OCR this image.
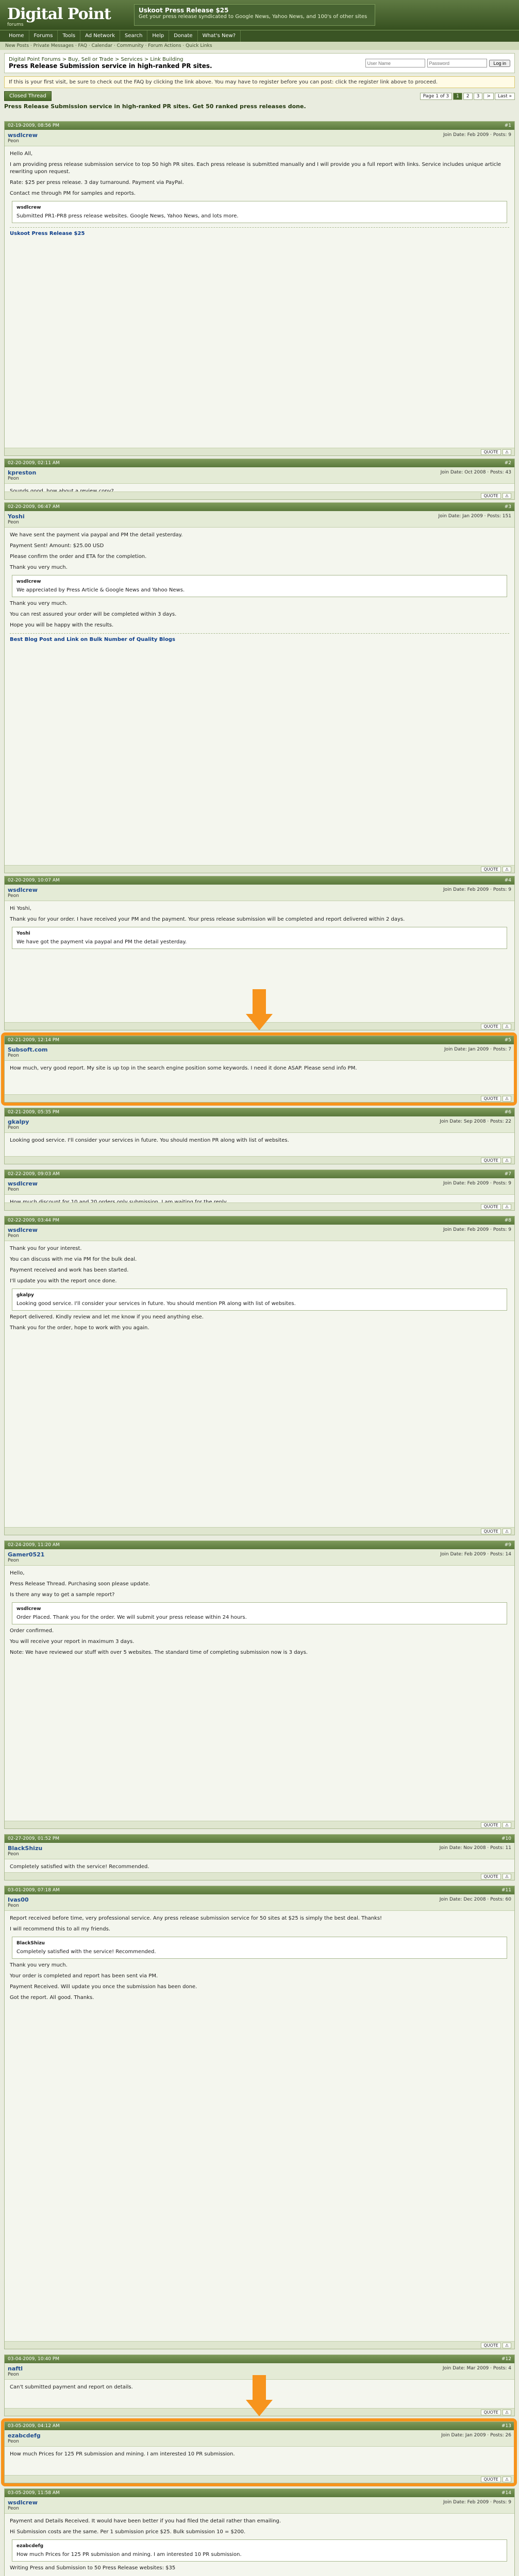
Digital Point
forums
Uskoot Press Release $25
Get your press release syndicated to Google News, Yahoo News, and 100's of other sites
Home	Forums	Tools	Ad Network	Search	Help	Donate	What's New?
New Posts · Private Messages · FAQ · Calendar · Community · Forum Actions · Quick Links
Digital Point Forums > Buy, Sell or Trade > Services > Link Building
Press Release Submission service in high-ranked PR sites.
User Name	Log in
If this is your first visit, be sure to check out the FAQ by clicking the link above. You may have to register before you can post: click the register link above to proceed.
Closed Thread	Page 1 of 3	1	2	3	>	Last »
Press Release Submission service in high-ranked PR sites. Get 50 ranked press releases done.
02-19-2009, 08:56 PM	#1
wsdlcrew
Peon
Join Date: Feb 2009 · Posts: 9

Hello All,

I am providing press release submission service to top 50 high PR sites. Each press release is submitted manually and I will provide you a full report with links. Service includes unique article rewriting upon request.

Rate: $25 per press release. 3 day turnaround. Payment via PayPal.

Contact me through PM for samples and reports.

wsdlcrew
Submitted PR1-PR8 press release websites. Google News, Yahoo News, and lots more.
Uskoot Press Release $25
QUOTE	⚠
02-20-2009, 02:11 AM	#2
kpreston
Peon
Join Date: Oct 2008 · Posts: 43

QUOTE	⚠
02-20-2009, 06:47 AM	#3
Yoshi
Peon
Join Date: Jan 2009 · Posts: 151

We have sent the payment via paypal and PM the detail yesterday.

Payment Sent! Amount: $25.00 USD

Please confirm the order and ETA for the completion.

Thank you very much.

wsdlcrew
We appreciated by Press Article & Google News and Yahoo News.

Thank you very much.

You can rest assured your order will be completed within 3 days.

Hope you will be happy with the results.

Best Blog Post and Link on Bulk Number of Quality Blogs
QUOTE	⚠
02-20-2009, 10:07 AM	#4
wsdlcrew
Peon
Join Date: Feb 2009 · Posts: 9

Hi Yoshi,

Thank you for your order. I have received your PM and the payment. Your press release submission will be completed and report delivered within 2 days.

Yoshi
We have got the payment via paypal and PM the detail yesterday.
QUOTE	⚠
02-21-2009, 12:14 PM	#5
Subsoft.com
Peon
Join Date: Jan 2009 · Posts: 7

How much, very good report. My site is up top in the search engine position some keywords. I need it done ASAP. Please send info PM.

QUOTE	⚠
02-21-2009, 05:35 PM	#6
gkalpy
Peon
Join Date: Sep 2008 · Posts: 22

Looking good service. I'll consider your services in future. You should mention PR along with list of websites.

QUOTE	⚠
02-22-2009, 09:03 AM	#7
wsdlcrew
Peon
Join Date: Feb 2009 · Posts: 9

QUOTE	⚠
02-22-2009, 03:44 PM	#8
wsdlcrew
Peon
Join Date: Feb 2009 · Posts: 9

Thank you for your interest.

You can discuss with me via PM for the bulk deal.

Payment received and work has been started.

I'll update you with the report once done.

gkalpy
Looking good service. I'll consider your services in future. You should mention PR along with list of websites.

Report delivered. Kindly review and let me know if you need anything else.

Thank you for the order, hope to work with you again.

QUOTE	⚠
02-24-2009, 11:20 AM	#9
Gamer0521
Peon
Join Date: Feb 2009 · Posts: 14

Hello,

Press Release Thread. Purchasing soon please update.

Is there any way to get a sample report?

wsdlcrew
Order Placed. Thank you for the order. We will submit your press release within 24 hours.

Order confirmed.

You will receive your report in maximum 3 days.

Note: We have reviewed our stuff with over 5 websites. The standard time of completing submission now is 3 days.

QUOTE	⚠
02-27-2009, 01:52 PM	#10
BlackShizu
Peon
Join Date: Nov 2008 · Posts: 11

Completely satisfied with the service! Recommended.

QUOTE	⚠
03-01-2009, 07:18 AM	#11
Ivas00
Peon
Join Date: Dec 2008 · Posts: 60

Report received before time, very professional service. Any press release submission service for 50 sites at $25 is simply the best deal. Thanks!

I will recommend this to all my friends.

BlackShizu
Completely satisfied with the service! Recommended.

Thank you very much.

Your order is completed and report has been sent via PM.

Payment Received. Will update you once the submission has been done.

Got the report. All good. Thanks.

QUOTE	⚠
03-04-2009, 10:40 PM	#12
naftl
Peon
Join Date: Mar 2009 · Posts: 4

Can't submitted payment and report on details.

QUOTE	⚠
03-05-2009, 04:12 AM	#13
ezabcdefg
Peon
Join Date: Jan 2009 · Posts: 26

How much Prices for 125 PR submission and mining. I am interested 10 PR submission.

QUOTE	⚠
03-05-2009, 11:58 AM	#14
wsdlcrew
Peon
Join Date: Feb 2009 · Posts: 9

Payment and Details Received. It would have been better if you had filed the detail rather than emailing.

Hi Submission costs are the same. Per 1 submission price $25. Bulk submission 10 = $200.

ezabcdefg
How much Prices for 125 PR submission and mining. I am interested 10 PR submission.

Writing Press and Submission to 50 Press Release websites: $35
